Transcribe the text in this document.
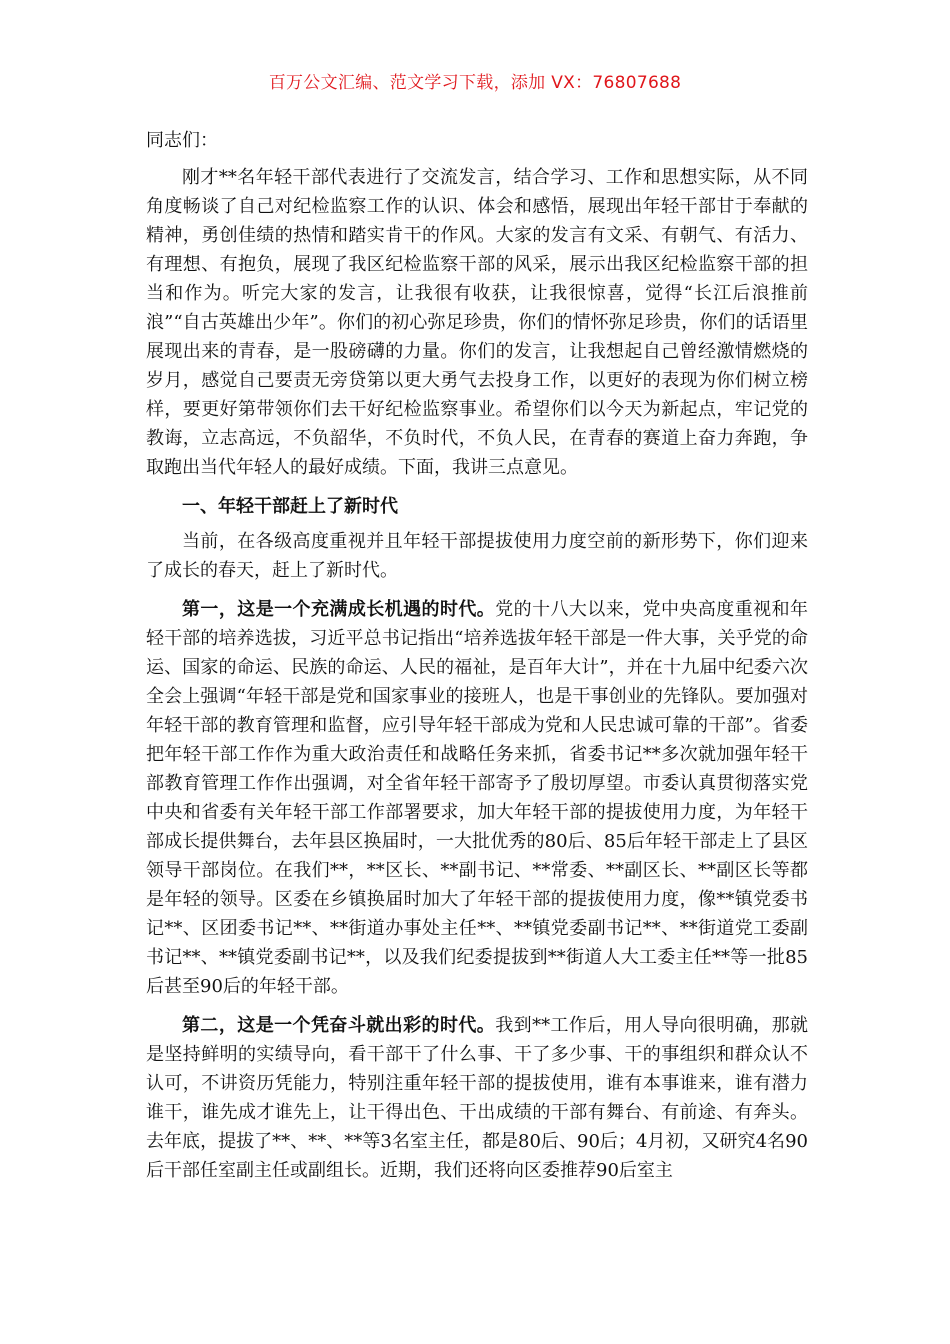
百万公文汇编、范文学习下载，添加 VX：76807688

同志们：

刚才**名年轻干部代表进行了交流发言，结合学习、工作和思想实际，从不同角度畅谈了自己对纪检监察工作的认识、体会和感悟，展现出年轻干部甘于奉献的精神，勇创佳绩的热情和踏实肯干的作风。大家的发言有文采、有朝气、有活力、有理想、有抱负，展现了我区纪检监察干部的风采，展示出我区纪检监察干部的担当和作为。听完大家的发言，让我很有收获，让我很惊喜，觉得“长江后浪推前浪”“自古英雄出少年”。你们的初心弥足珍贵，你们的情怀弥足珍贵，你们的话语里展现出来的青春，是一股磅礴的力量。你们的发言，让我想起自己曾经激情燃烧的岁月，感觉自己要责无旁贷第以更大勇气去投身工作，以更好的表现为你们树立榜样，要更好第带领你们去干好纪检监察事业。希望你们以今天为新起点，牢记党的教诲，立志高远，不负韶华，不负时代，不负人民，在青春的赛道上奋力奔跑，争取跑出当代年轻人的最好成绩。下面，我讲三点意见。

一、年轻干部赶上了新时代

当前，在各级高度重视并且年轻干部提拔使用力度空前的新形势下，你们迎来了成长的春天，赶上了新时代。

第一，这是一个充满成长机遇的时代。党的十八大以来，党中央高度重视和年轻干部的培养选拔，习近平总书记指出“培养选拔年轻干部是一件大事，关乎党的命运、国家的命运、民族的命运、人民的福祉，是百年大计”，并在十九届中纪委六次全会上强调“年轻干部是党和国家事业的接班人，也是干事创业的先锋队。要加强对年轻干部的教育管理和监督，应引导年轻干部成为党和人民忠诚可靠的干部”。省委把年轻干部工作作为重大政治责任和战略任务来抓，省委书记**多次就加强年轻干部教育管理工作作出强调，对全省年轻干部寄予了殷切厚望。市委认真贯彻落实党中央和省委有关年轻干部工作部署要求，加大年轻干部的提拔使用力度，为年轻干部成长提供舞台，去年县区换届时，一大批优秀的80后、85后年轻干部走上了县区领导干部岗位。在我们**，**区长、**副书记、**常委、**副区长、**副区长等都是年轻的领导。区委在乡镇换届时加大了年轻干部的提拔使用力度，像**镇党委书记**、区团委书记**、**街道办事处主任**、**镇党委副书记**、**街道党工委副书记**、**镇党委副书记**，以及我们纪委提拔到**街道人大工委主任**等一批85后甚至90后的年轻干部。

第二，这是一个凭奋斗就出彩的时代。我到**工作后，用人导向很明确，那就是坚持鲜明的实绩导向，看干部干了什么事、干了多少事、干的事组织和群众认不认可，不讲资历凭能力，特别注重年轻干部的提拔使用，谁有本事谁来，谁有潜力谁干，谁先成才谁先上，让干得出色、干出成绩的干部有舞台、有前途、有奔头。去年底，提拔了**、**、**等3名室主任，都是80后、90后；4月初，又研究4名90后干部任室副主任或副组长。近期，我们还将向区委推荐90后室主
